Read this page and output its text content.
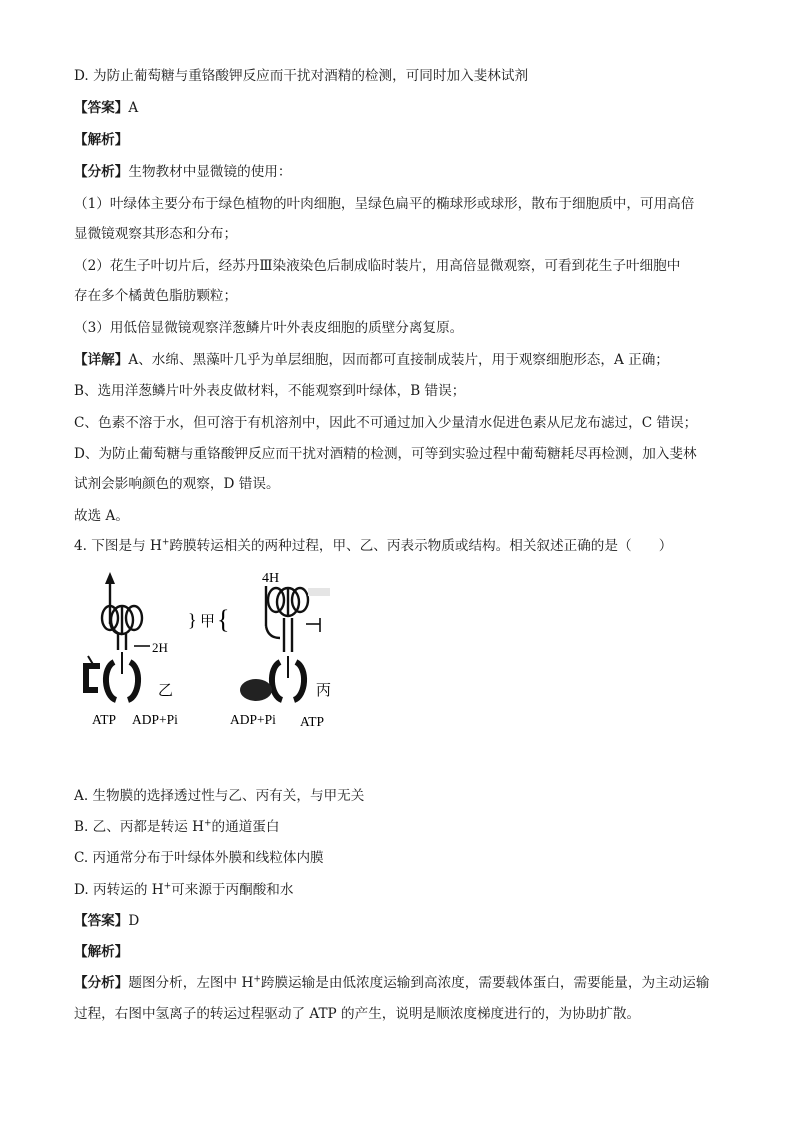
D. 为防止葡萄糖与重铬酸钾反应而干扰对酒精的检测，可同时加入斐林试剂
【答案】A
【解析】
【分析】生物教材中显微镜的使用：
（1）叶绿体主要分布于绿色植物的叶肉细胞，呈绿色扁平的椭球形或球形，散布于细胞质中，可用高倍
显微镜观察其形态和分布；
（2）花生子叶切片后，经苏丹Ⅲ染液染色后制成临时装片，用高倍显微观察，可看到花生子叶细胞中
存在多个橘黄色脂肪颗粒；
（3）用低倍显微镜观察洋葱鳞片叶外表皮细胞的质壁分离复原。
【详解】A、水绵、黑藻叶几乎为单层细胞，因而都可直接制成装片，用于观察细胞形态，A 正确；
B、选用洋葱鳞片叶外表皮做材料，不能观察到叶绿体，B 错误；
C、色素不溶于水，但可溶于有机溶剂中，因此不可通过加入少量清水促进色素从尼龙布滤过，C 错误；
D、为防止葡萄糖与重铬酸钾反应而干扰对酒精的检测，可等到实验过程中葡萄糖耗尽再检测，加入斐林
试剂会影响颜色的观察，D 错误。
故选 A。
4. 下图是与 H+跨膜转运相关的两种过程，甲、乙、丙表示物质或结构。相关叙述正确的是（　　）
2H
乙
ATP ADP+Pi
} 甲 {
4H
丙
ADP+Pi ATP
A. 生物膜的选择透过性与乙、丙有关，与甲无关
B. 乙、丙都是转运 H+的通道蛋白
C. 丙通常分布于叶绿体外膜和线粒体内膜
D. 丙转运的 H+可来源于丙酮酸和水
【答案】D
【解析】
【分析】题图分析，左图中 H+跨膜运输是由低浓度运输到高浓度，需要载体蛋白，需要能量，为主动运输
过程，右图中氢离子的转运过程驱动了 ATP 的产生，说明是顺浓度梯度进行的，为协助扩散。
